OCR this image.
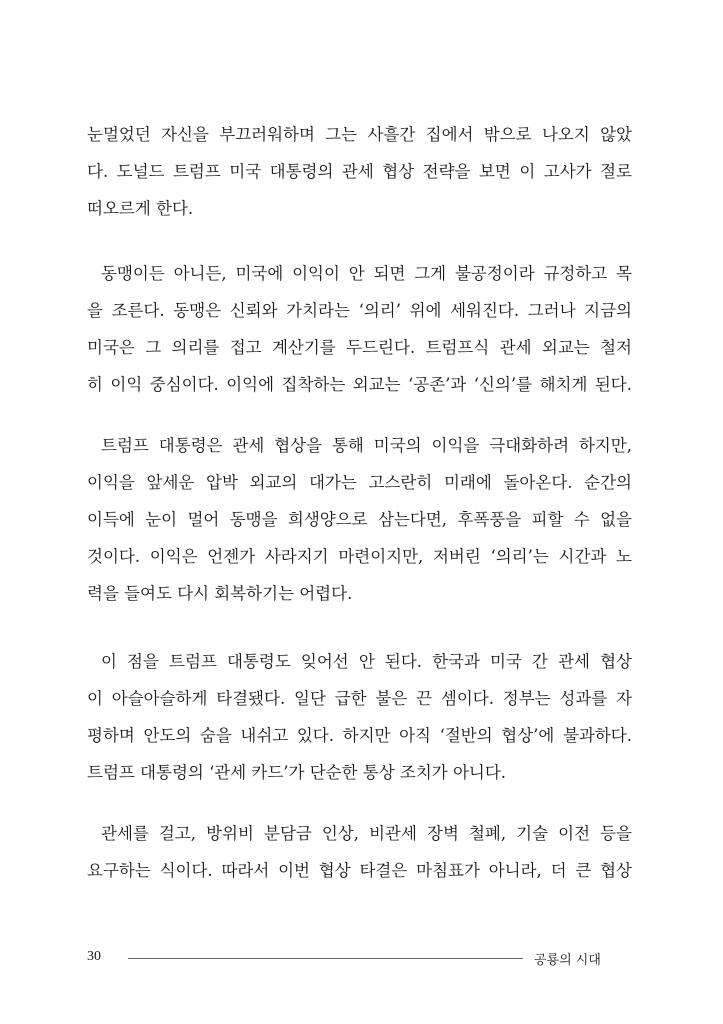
눈멀었던 자신을 부끄러워하며 그는 사흘간 집에서 밖으로 나오지 않았
다. 도널드 트럼프 미국 대통령의 관세 협상 전략을 보면 이 고사가 절로
떠오르게 한다.
동맹이든 아니든, 미국에 이익이 안 되면 그게 불공정이라 규정하고 목
을 조른다. 동맹은 신뢰와 가치라는 ‘의리’ 위에 세워진다. 그러나 지금의
미국은 그 의리를 접고 계산기를 두드린다. 트럼프식 관세 외교는 철저
히 이익 중심이다. 이익에 집착하는 외교는 ‘공존’과 ‘신의’를 해치게 된다.
트럼프 대통령은 관세 협상을 통해 미국의 이익을 극대화하려 하지만,
이익을 앞세운 압박 외교의 대가는 고스란히 미래에 돌아온다. 순간의
이득에 눈이 멀어 동맹을 희생양으로 삼는다면, 후폭풍을 피할 수 없을
것이다. 이익은 언젠가 사라지기 마련이지만, 저버린 ‘의리’는 시간과 노
력을 들여도 다시 회복하기는 어렵다.
이 점을 트럼프 대통령도 잊어선 안 된다. 한국과 미국 간 관세 협상
이 아슬아슬하게 타결됐다. 일단 급한 불은 끈 셈이다. 정부는 성과를 자
평하며 안도의 숨을 내쉬고 있다. 하지만 아직 ‘절반의 협상’에 불과하다.
트럼프 대통령의 ‘관세 카드’가 단순한 통상 조치가 아니다.
관세를 걸고, 방위비 분담금 인상, 비관세 장벽 철폐, 기술 이전 등을
요구하는 식이다. 따라서 이번 협상 타결은 마침표가 아니라, 더 큰 협상
30	공룡의 시대
